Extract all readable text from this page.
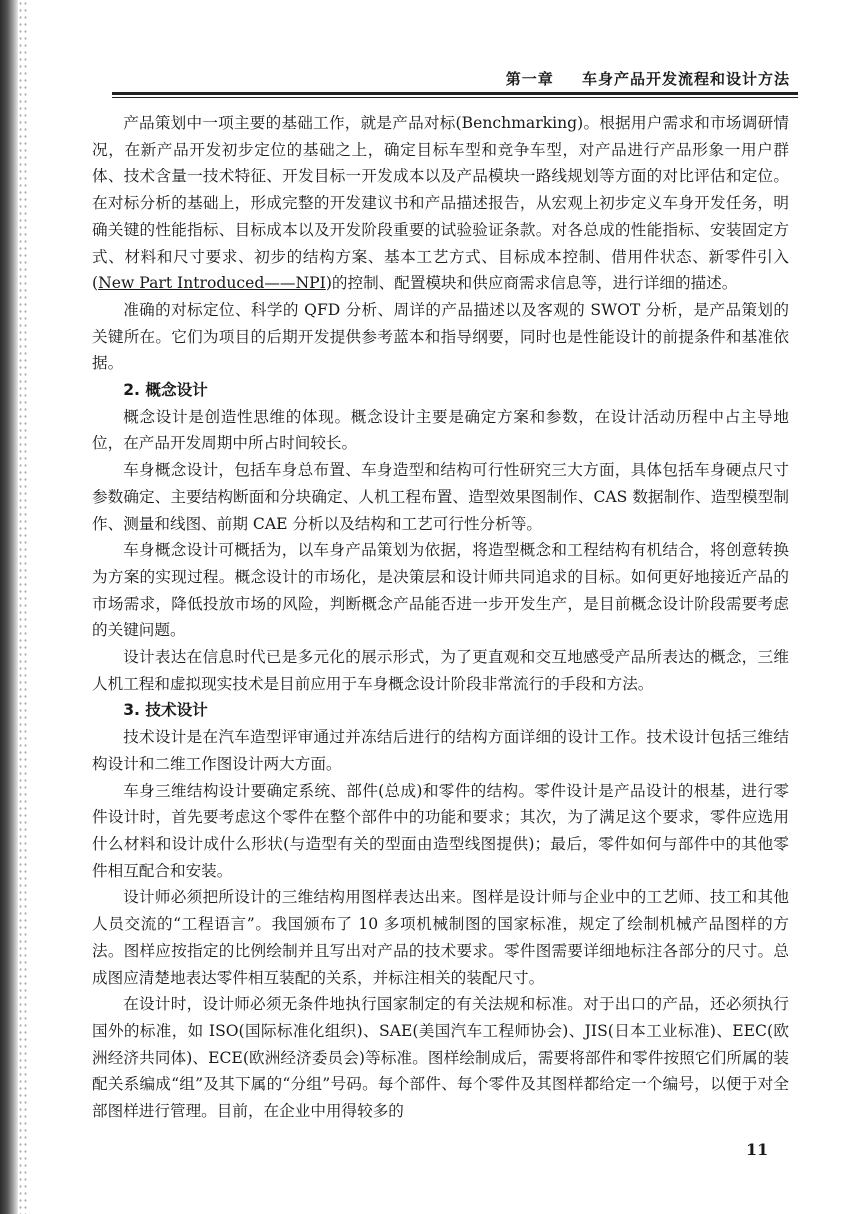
第一章 车身产品开发流程和设计方法

产品策划中一项主要的基础工作，就是产品对标(Benchmarking)。根据用户需求和市场调研情况，在新产品开发初步定位的基础之上，确定目标车型和竞争车型，对产品进行产品形象一用户群体、技术含量一技术特征、开发目标一开发成本以及产品模块一路线规划等方面的对比评估和定位。在对标分析的基础上，形成完整的开发建议书和产品描述报告，从宏观上初步定义车身开发任务，明确关键的性能指标、目标成本以及开发阶段重要的试验验证条款。对各总成的性能指标、安装固定方式、材料和尺寸要求、初步的结构方案、基本工艺方式、目标成本控制、借用件状态、新零件引入(New Part Introduced——NPI)的控制、配置模块和供应商需求信息等，进行详细的描述。

准确的对标定位、科学的 QFD 分析、周详的产品描述以及客观的 SWOT 分析，是产品策划的关键所在。它们为项目的后期开发提供参考蓝本和指导纲要，同时也是性能设计的前提条件和基准依据。

2. 概念设计

概念设计是创造性思维的体现。概念设计主要是确定方案和参数，在设计活动历程中占主导地位，在产品开发周期中所占时间较长。

车身概念设计，包括车身总布置、车身造型和结构可行性研究三大方面，具体包括车身硬点尺寸参数确定、主要结构断面和分块确定、人机工程布置、造型效果图制作、CAS 数据制作、造型模型制作、测量和线图、前期 CAE 分析以及结构和工艺可行性分析等。

车身概念设计可概括为，以车身产品策划为依据，将造型概念和工程结构有机结合，将创意转换为方案的实现过程。概念设计的市场化，是决策层和设计师共同追求的目标。如何更好地接近产品的市场需求，降低投放市场的风险，判断概念产品能否进一步开发生产，是目前概念设计阶段需要考虑的关键问题。

设计表达在信息时代已是多元化的展示形式，为了更直观和交互地感受产品所表达的概念，三维人机工程和虚拟现实技术是目前应用于车身概念设计阶段非常流行的手段和方法。

3. 技术设计

技术设计是在汽车造型评审通过并冻结后进行的结构方面详细的设计工作。技术设计包括三维结构设计和二维工作图设计两大方面。

车身三维结构设计要确定系统、部件(总成)和零件的结构。零件设计是产品设计的根基，进行零件设计时，首先要考虑这个零件在整个部件中的功能和要求；其次，为了满足这个要求，零件应选用什么材料和设计成什么形状(与造型有关的型面由造型线图提供)；最后，零件如何与部件中的其他零件相互配合和安装。

设计师必须把所设计的三维结构用图样表达出来。图样是设计师与企业中的工艺师、技工和其他人员交流的“工程语言”。我国颁布了 10 多项机械制图的国家标准，规定了绘制机械产品图样的方法。图样应按指定的比例绘制并且写出对产品的技术要求。零件图需要详细地标注各部分的尺寸。总成图应清楚地表达零件相互装配的关系，并标注相关的装配尺寸。

在设计时，设计师必须无条件地执行国家制定的有关法规和标准。对于出口的产品，还必须执行国外的标准，如 ISO(国际标准化组织)、SAE(美国汽车工程师协会)、JIS(日本工业标准)、EEC(欧洲经济共同体)、ECE(欧洲经济委员会)等标准。图样绘制成后，需要将部件和零件按照它们所属的装配关系编成“组”及其下属的“分组”号码。每个部件、每个零件及其图样都给定一个编号，以便于对全部图样进行管理。目前，在企业中用得较多的

11
